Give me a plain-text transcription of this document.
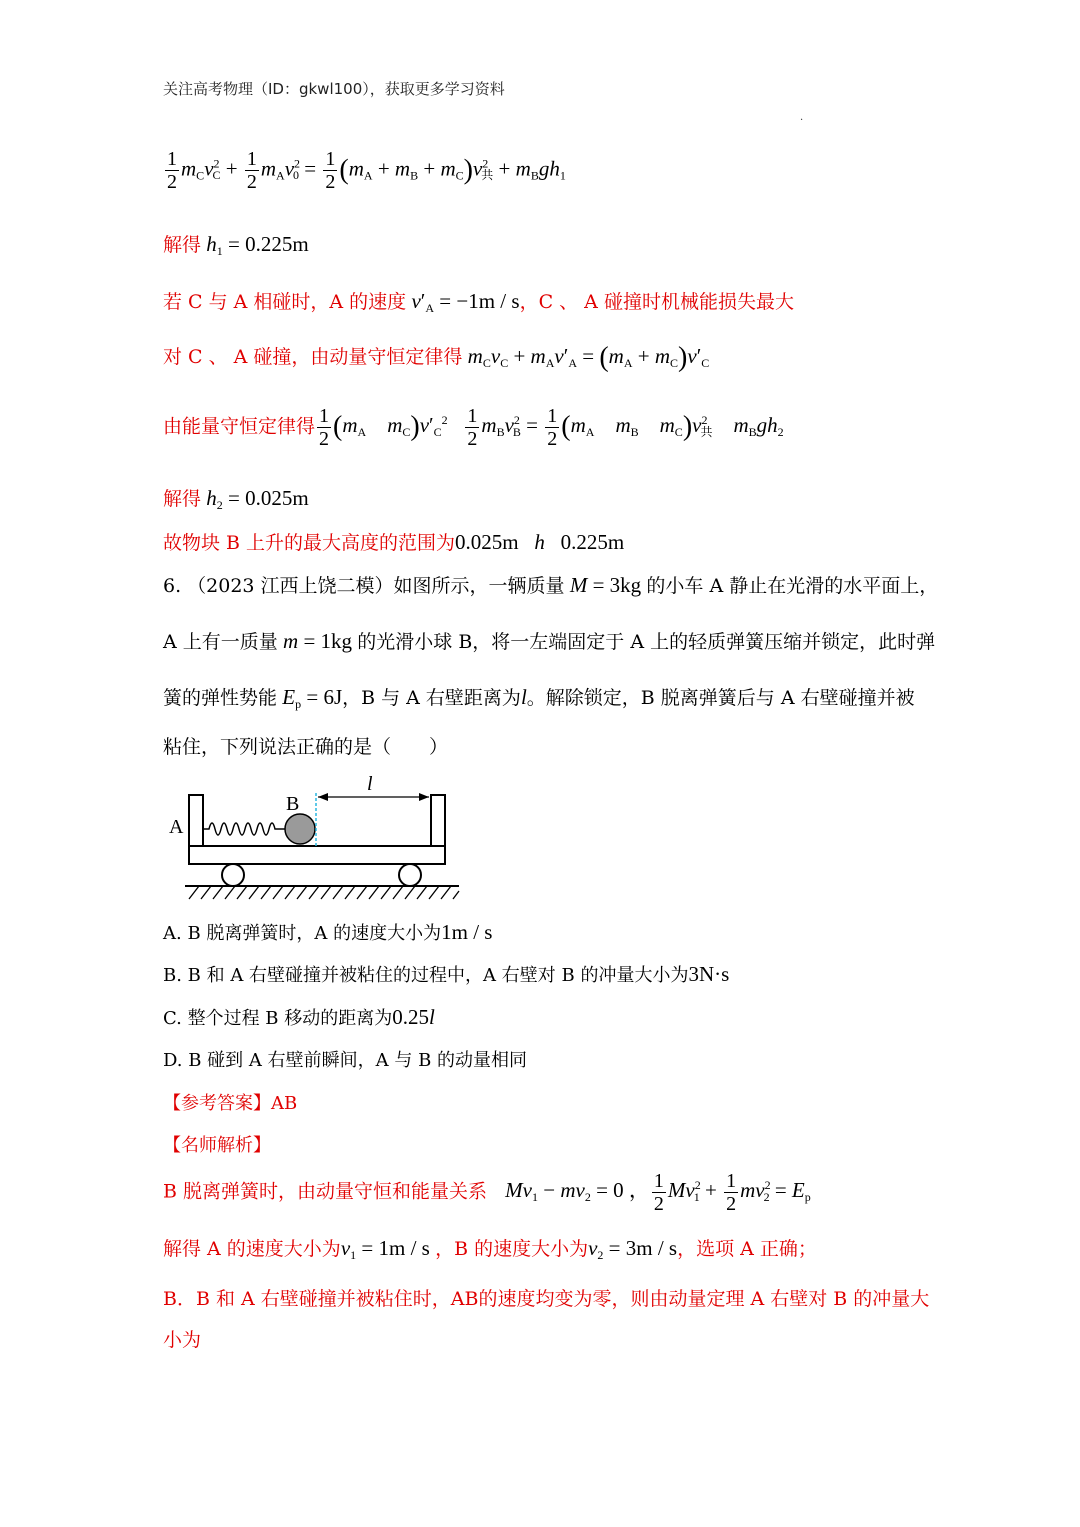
关注高考物理（ID：gkwl100），获取更多学习资料
.
$\frac{1}{2} m_Cv^2_C + \frac{1}{2} m_Av^2_0 = \frac{1}{2} (m_A + m_B + m_C)v^2_共 + m_Bgh_1$
解得 $h_1 = 0.225m$
若 C 与 A 相碰时，A 的速度 $v'_A = -1m / s$，C 、 A 碰撞时机械能损失最大
对 C 、 A 碰撞，由动量守恒定律得 $m_Cv_C + m_Av'_A = (m_A + m_C)v'_C$
由能量守恒定律得 $\frac{1}{2} (m_A$ $m_C)v'_C^2 \frac{1}{2} m_Bv^2_B = \frac{1}{2} (m_A$ $m_B$ $m_C)v^2_共$ $m_Bgh_2$
解得 $h_2 = 0.025m$
故物块 B 上升的最大高度的范围为0.025m h 0.225m
6. （2023 江西上饶二模）如图所示，一辆质量 M = 3kg 的小车 A 静止在光滑的水平面上，
A 上有一质量 m = 1kg 的光滑小球 B，将一左端固定于 A 上的轻质弹簧压缩并锁定，此时弹
簧的弹性势能 $E_p = 6J$，B 与 A 右壁距离为l。解除锁定，B 脱离弹簧后与 A 右壁碰撞并被
粘住，下列说法正确的是（　　）
A
B
l
A. B 脱离弹簧时，A 的速度大小为1m / s
B. B 和 A 右壁碰撞并被粘住的过程中，A 右壁对 B 的冲量大小为3N·s
C. 整个过程 B 移动的距离为0.25l
D. B 碰到 A 右壁前瞬间，A 与 B 的动量相同
【参考答案】AB
【名师解析】
B 脱离弹簧时，由动量守恒和能量关系 $Mv_1 - mv_2 = 0$ ， $\frac{1}{2} Mv^2_1 + \frac{1}{2} mv^2_2 = E_p$
解得 A 的速度大小为$v_1 = 1m / s$ ，B 的速度大小为$v_2 = 3m / s$，选项 A 正确；
B．B 和 A 右壁碰撞并被粘住时，AB的速度均变为零，则由动量定理 A 右壁对 B 的冲量大
小为
